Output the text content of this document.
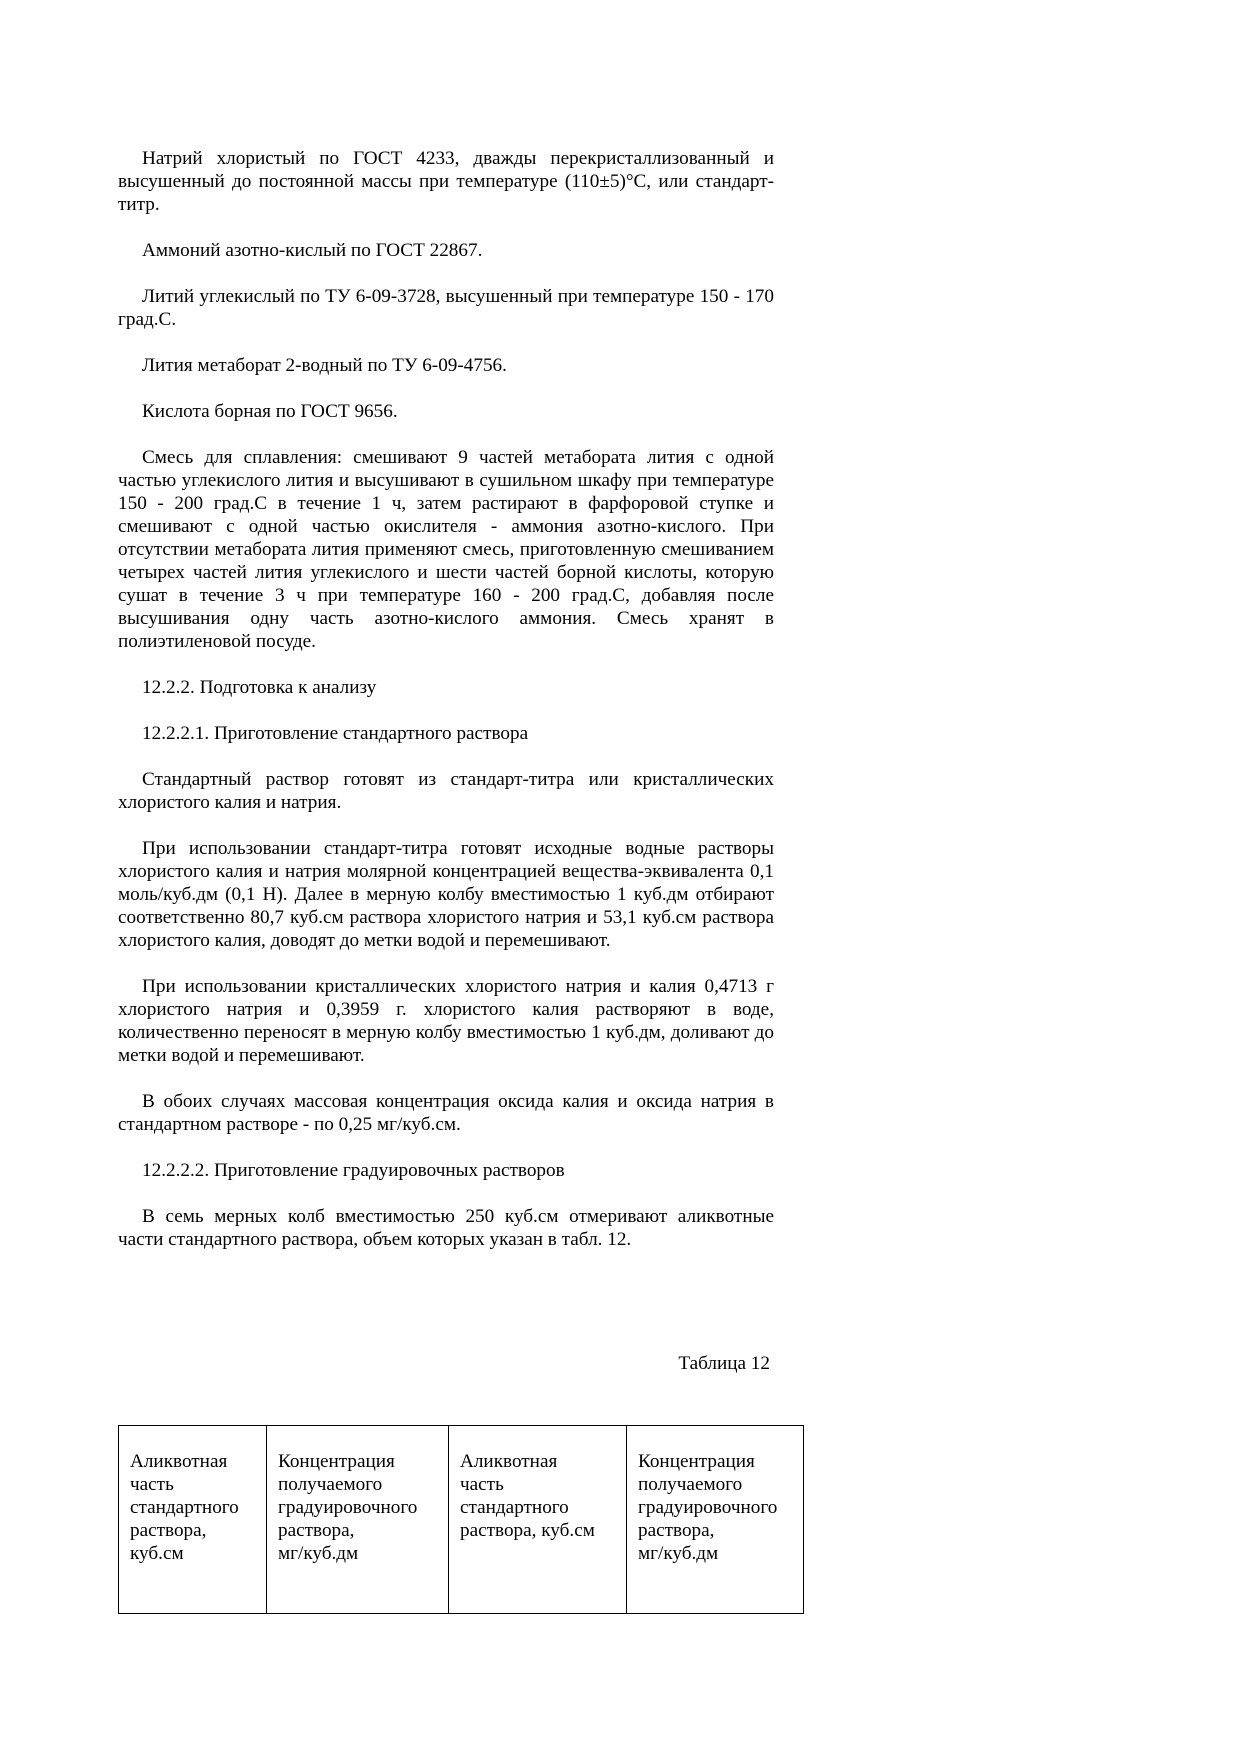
Натрий хлористый по ГОСТ 4233, дважды перекристаллизованный и высушенный до постоянной массы при температуре (110±5)°С, или стандарт-титр.

Аммоний азотно-кислый по ГОСТ 22867.

Литий углекислый по ТУ 6-09-3728, высушенный при температуре 150 - 170 град.С.

Лития метаборат 2-водный по ТУ 6-09-4756.

Кислота борная по ГОСТ 9656.

Смесь для сплавления: смешивают 9 частей метабората лития с одной частью углекислого лития и высушивают в сушильном шкафу при температуре 150 - 200 град.С в течение 1 ч, затем растирают в фарфоровой ступке и смешивают с одной частью окислителя - аммония азотно-кислого. При отсутствии метабората лития применяют смесь, приготовленную смешиванием четырех частей лития углекислого и шести частей борной кислоты, которую сушат в течение 3 ч при температуре 160 - 200 град.С, добавляя после высушивания одну часть азотно-кислого аммония. Смесь хранят в полиэтиленовой посуде.

12.2.2. Подготовка к анализу

12.2.2.1. Приготовление стандартного раствора

Стандартный раствор готовят из стандарт-титра или кристаллических хлористого калия и натрия.

При использовании стандарт-титра готовят исходные водные растворы хлористого калия и натрия молярной концентрацией вещества-эквивалента 0,1 моль/куб.дм (0,1 Н). Далее в мерную колбу вместимостью 1 куб.дм отбирают соответственно 80,7 куб.см раствора хлористого натрия и 53,1 куб.см раствора хлористого калия, доводят до метки водой и перемешивают.

При использовании кристаллических хлористого натрия и калия 0,4713 г хлористого натрия и 0,3959 г. хлористого калия растворяют в воде, количественно переносят в мерную колбу вместимостью 1 куб.дм, доливают до метки водой и перемешивают.

В обоих случаях массовая концентрация оксида калия и оксида натрия в стандартном растворе - по 0,25 мг/куб.см.

12.2.2.2. Приготовление градуировочных растворов

В семь мерных колб вместимостью 250 куб.см отмеривают аликвотные части стандартного раствора, объем которых указан в табл. 12.

Таблица 12
Аликвотная
часть
стандартного
раствора,
куб.см

Концентрация
получаемого
градуировочного
раствора,
мг/куб.дм

Аликвотная
часть
стандартного
раствора, куб.см

Концентрация
получаемого
градуировочного
раствора,
мг/куб.дм
